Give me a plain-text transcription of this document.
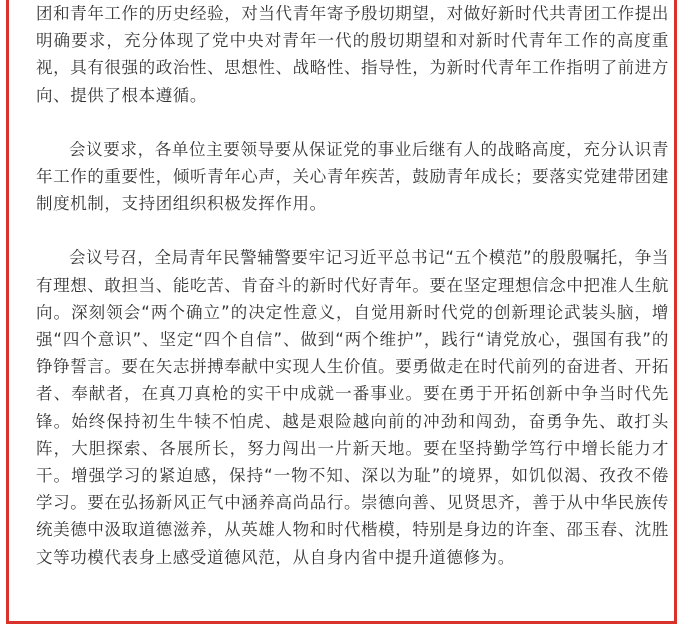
团和青年工作的历史经验，对当代青年寄予殷切期望，对做好新时代共青团工作提出明确要求，充分体现了党中央对青年一代的殷切期望和对新时代青年工作的高度重视，具有很强的政治性、思想性、战略性、指导性，为新时代青年工作指明了前进方向、提供了根本遵循。

会议要求，各单位主要领导要从保证党的事业后继有人的战略高度，充分认识青年工作的重要性，倾听青年心声，关心青年疾苦，鼓励青年成长；要落实党建带团建制度机制，支持团组织积极发挥作用。

会议号召，全局青年民警辅警要牢记习近平总书记“五个模范”的殷殷嘱托，争当有理想、敢担当、能吃苦、肯奋斗的新时代好青年。要在坚定理想信念中把准人生航向。深刻领会“两个确立”的决定性意义，自觉用新时代党的创新理论武装头脑，增强“四个意识”、坚定“四个自信”、做到“两个维护”，践行“请党放心，强国有我”的铮铮誓言。要在矢志拼搏奉献中实现人生价值。要勇做走在时代前列的奋进者、开拓者、奉献者，在真刀真枪的实干中成就一番事业。要在勇于开拓创新中争当时代先锋。始终保持初生牛犊不怕虎、越是艰险越向前的冲劲和闯劲，奋勇争先、敢打头阵，大胆探索、各展所长，努力闯出一片新天地。要在坚持勤学笃行中增长能力才干。增强学习的紧迫感，保持“一物不知、深以为耻”的境界，如饥似渴、孜孜不倦学习。要在弘扬新风正气中涵养高尚品行。崇德向善、见贤思齐，善于从中华民族传统美德中汲取道德滋养，从英雄人物和时代楷模，特别是身边的许奎、邵玉春、沈胜文等功模代表身上感受道德风范，从自身内省中提升道德修为。
